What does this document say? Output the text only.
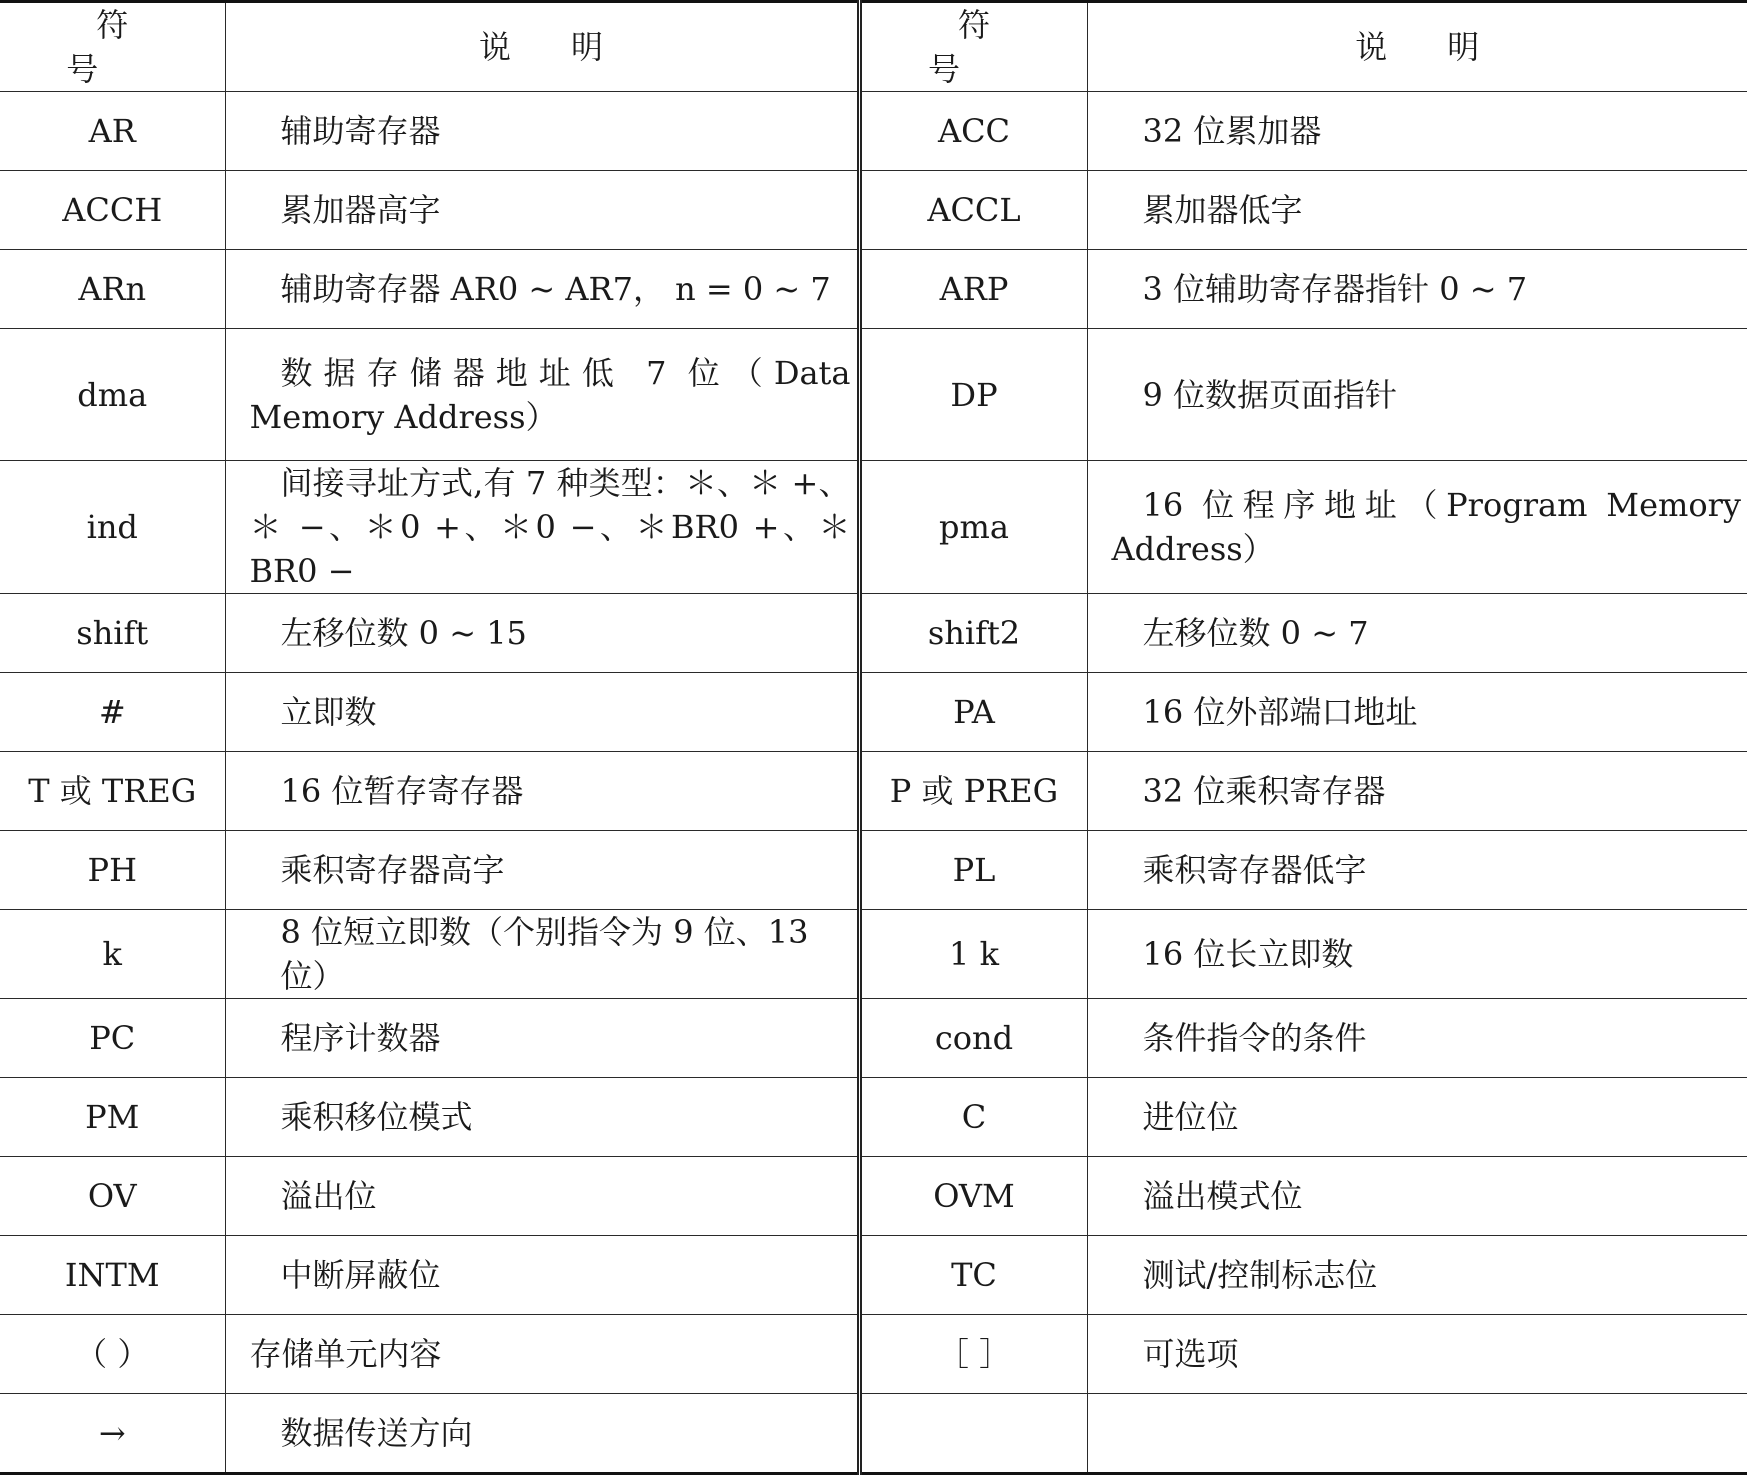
符号	说明	符号	说明
AR	辅助寄存器	ACC	32 位累加器
ACCH	累加器高字	ACCL	累加器低字
ARn	辅助寄存器 AR0 ~ AR7， n = 0 ~ 7	ARP	3 位辅助寄存器指针 0 ~ 7
dma	数据存储器地址低 7 位（Data Memory Address）	DP	9 位数据页面指针
ind	间接寻址方式,有 7 种类型：＊、＊ +、＊ −、＊0 +、＊0 −、＊BR0 +、＊BR0 −	pma	16 位程序地址（Program Memory Address）
shift	左移位数 0 ~ 15	shift2	左移位数 0 ~ 7
#	立即数	PA	16 位外部端口地址
T 或 TREG	16 位暂存寄存器	P 或 PREG	32 位乘积寄存器
PH	乘积寄存器高字	PL	乘积寄存器低字
k	8 位短立即数（个别指令为 9 位、13 位）	1 k	16 位长立即数
PC	程序计数器	cond	条件指令的条件
PM	乘积移位模式	C	进位位
OV	溢出位	OVM	溢出模式位
INTM	中断屏蔽位	TC	测试/控制标志位
（ ）	存储单元内容	［ ］	可选项
→	数据传送方向		
